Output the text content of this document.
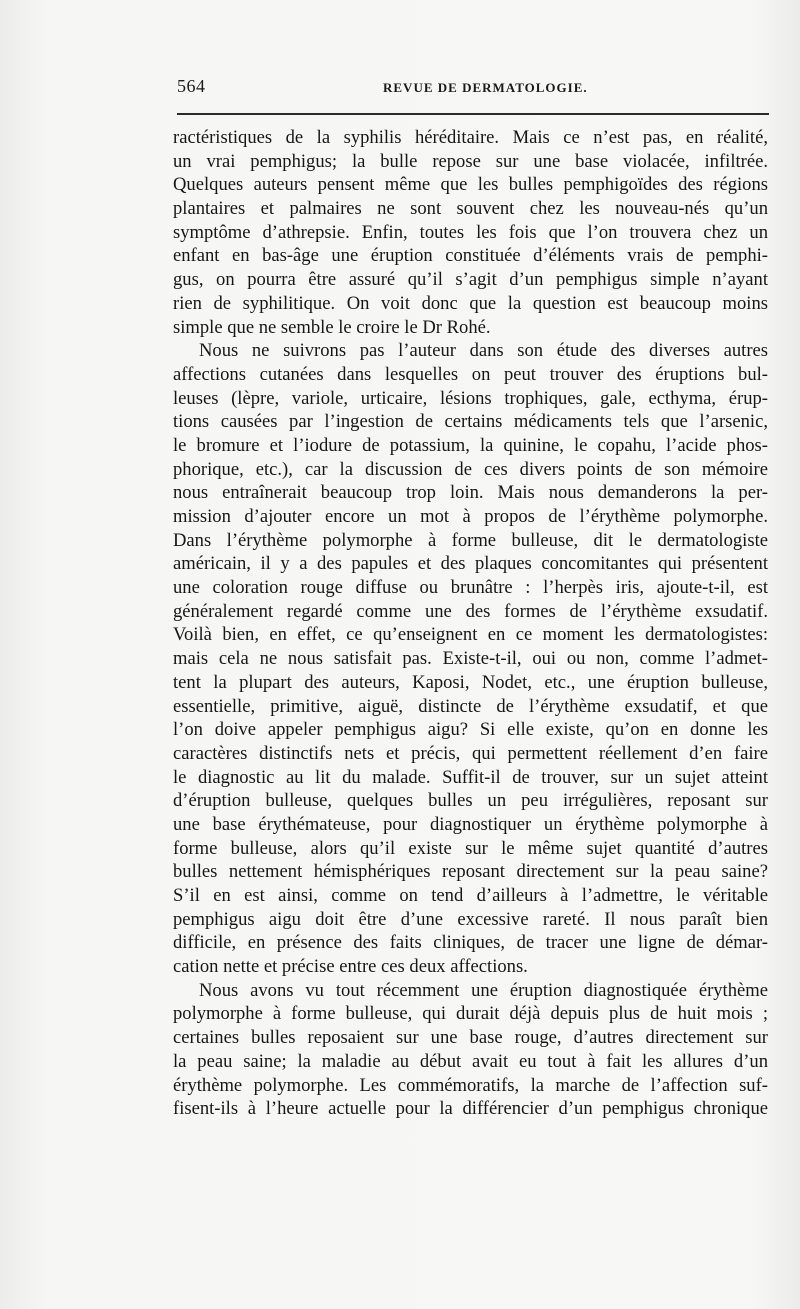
564	REVUE DE DERMATOLOGIE.
ractéristiques de la syphilis héréditaire. Mais ce n’est pas, en réalité,
un vrai pemphigus; la bulle repose sur une base violacée, infiltrée.
Quelques auteurs pensent même que les bulles pemphigoïdes des régions
plantaires et palmaires ne sont souvent chez les nouveau-nés qu’un
symptôme d’athrepsie. Enfin, toutes les fois que l’on trouvera chez un
enfant en bas-âge une éruption constituée d’éléments vrais de pemphi-
gus, on pourra être assuré qu’il s’agit d’un pemphigus simple n’ayant
rien de syphilitique. On voit donc que la question est beaucoup moins
simple que ne semble le croire le Dr Rohé.
Nous ne suivrons pas l’auteur dans son étude des diverses autres
affections cutanées dans lesquelles on peut trouver des éruptions bul-
leuses (lèpre, variole, urticaire, lésions trophiques, gale, ecthyma, érup-
tions causées par l’ingestion de certains médicaments tels que l’arsenic,
le bromure et l’iodure de potassium, la quinine, le copahu, l’acide phos-
phorique, etc.), car la discussion de ces divers points de son mémoire
nous entraînerait beaucoup trop loin. Mais nous demanderons la per-
mission d’ajouter encore un mot à propos de l’érythème polymorphe.
Dans l’érythème polymorphe à forme bulleuse, dit le dermatologiste
américain, il y a des papules et des plaques concomitantes qui présentent
une coloration rouge diffuse ou brunâtre : l’herpès iris, ajoute-t-il, est
généralement regardé comme une des formes de l’érythème exsudatif.
Voilà bien, en effet, ce qu’enseignent en ce moment les dermatologistes:
mais cela ne nous satisfait pas. Existe-t-il, oui ou non, comme l’admet-
tent la plupart des auteurs, Kaposi, Nodet, etc., une éruption bulleuse,
essentielle, primitive, aiguë, distincte de l’érythème exsudatif, et que
l’on doive appeler pemphigus aigu? Si elle existe, qu’on en donne les
caractères distinctifs nets et précis, qui permettent réellement d’en faire
le diagnostic au lit du malade. Suffit-il de trouver, sur un sujet atteint
d’éruption bulleuse, quelques bulles un peu irrégulières, reposant sur
une base érythémateuse, pour diagnostiquer un érythème polymorphe à
forme bulleuse, alors qu’il existe sur le même sujet quantité d’autres
bulles nettement hémisphériques reposant directement sur la peau saine?
S’il en est ainsi, comme on tend d’ailleurs à l’admettre, le véritable
pemphigus aigu doit être d’une excessive rareté. Il nous paraît bien
difficile, en présence des faits cliniques, de tracer une ligne de démar-
cation nette et précise entre ces deux affections.
Nous avons vu tout récemment une éruption diagnostiquée érythème
polymorphe à forme bulleuse, qui durait déjà depuis plus de huit mois ;
certaines bulles reposaient sur une base rouge, d’autres directement sur
la peau saine; la maladie au début avait eu tout à fait les allures d’un
érythème polymorphe. Les commémoratifs, la marche de l’affection suf-
fisent-ils à l’heure actuelle pour la différencier d’un pemphigus chronique
